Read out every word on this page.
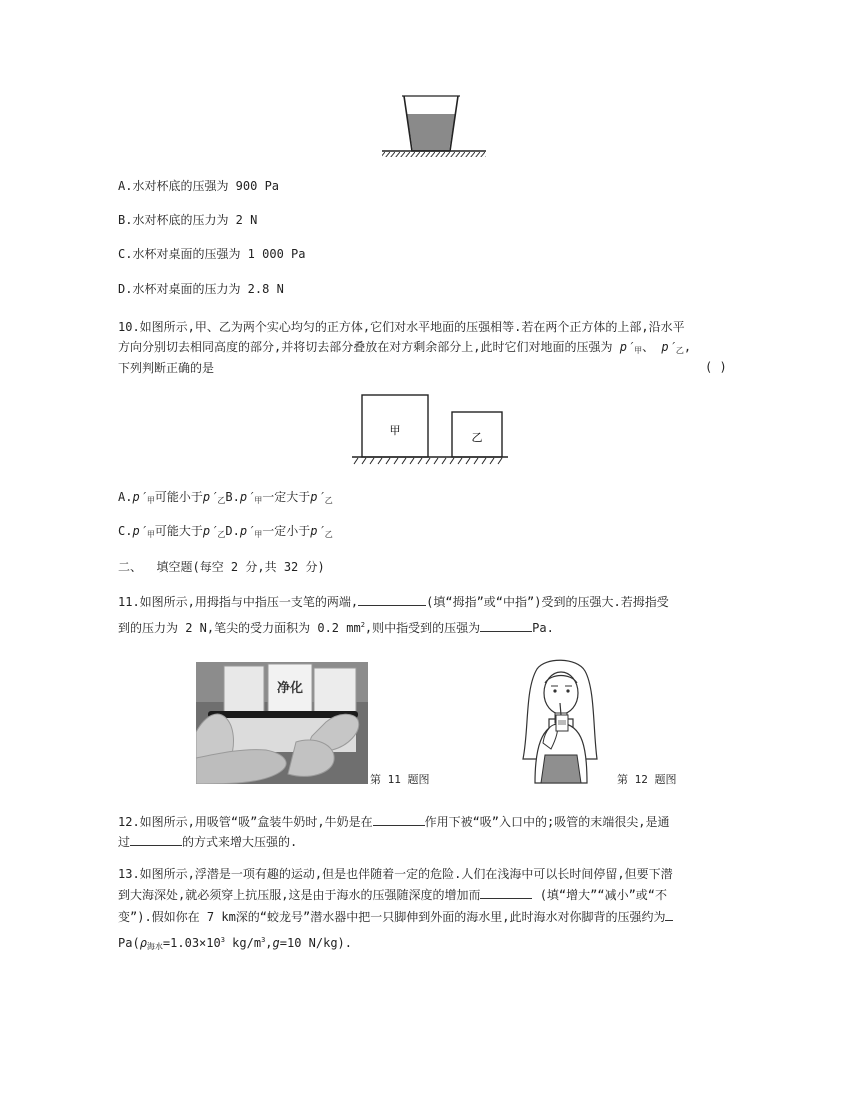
A.水对杯底的压强为 900 Pa
B.水对杯底的压力为 2 N
C.水杯对桌面的压强为 1 000 Pa
D.水杯对桌面的压力为 2.8 N
10.如图所示,甲、乙为两个实心均匀的正方体,它们对水平地面的压强相等.若在两个正方体的上部,沿水平
方向分别切去相同高度的部分,并将切去部分叠放在对方剩余部分上,此时它们对地面的压强为 $p'_甲$、 $p'_乙$,
下列判断正确的是	( )
甲
乙
$A.p'_甲$可能小于$p'_乙B.p'_甲$一定大于$p'_乙$
$C.p'_甲$可能大于$p'_乙D.p'_甲$一定小于$p'_乙$
二、 填空题(每空 2 分,共 32 分)
11.如图所示,用拇指与中指压一支笔的两端,	(填“拇指”或“中指”)受到的压强大.若拇指受
到的压力为 2 N,笔尖的受力面积为 0.2 $mm^2$,则中指受到的压强为	Pa.
净化
第 11 题图	第 12 题图
12.如图所示,用吸管“吸”盒装牛奶时,牛奶是在	作用下被“吸”入口中的;吸管的末端很尖,是通
过	的方式来增大压强的.
13.如图所示,浮潜是一项有趣的运动,但是也伴随着一定的危险.人们在浅海中可以长时间停留,但要下潜
到大海深处,就必须穿上抗压服,这是由于海水的压强随深度的增加而	(填“增大”“减小”或“不
变”).假如你在 7 km深的“蛟龙号”潜水器中把一只脚伸到外面的海水里,此时海水对你脚背的压强约为
$Pa(\rho_{海水}=1.03\times 10^3$ $kg/m^3,g=10$ N/kg).
